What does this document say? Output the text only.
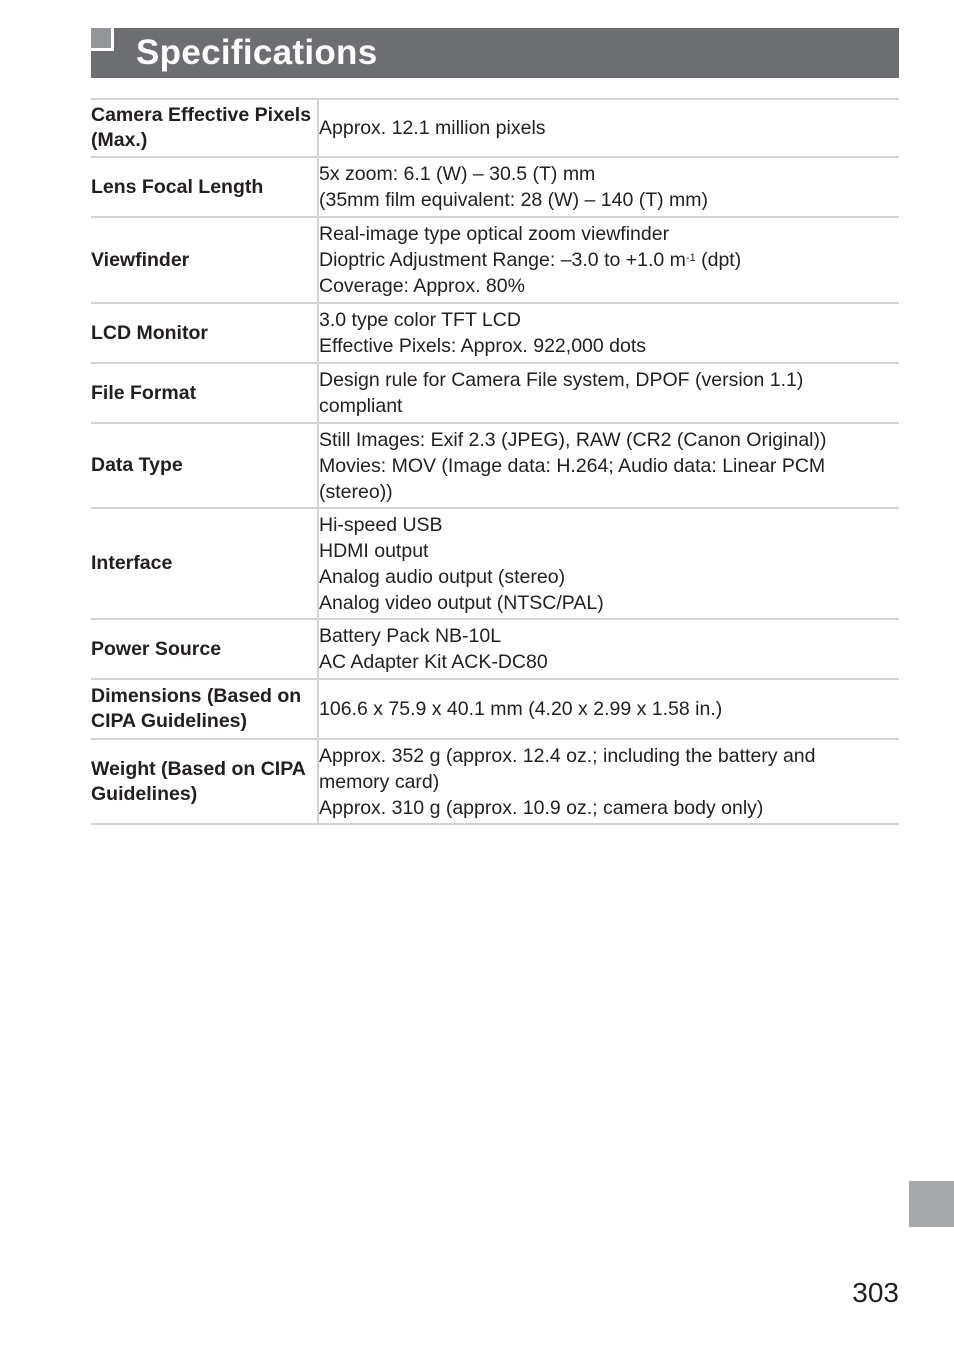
Specifications
Camera Effective Pixels (Max.)	Approx. 12.1 million pixels

Lens Focal Length	5x zoom: 6.1 (W) – 30.5 (T) mm
(35mm film equivalent: 28 (W) – 140 (T) mm)

Viewfinder	Real-image type optical zoom viewfinder
Dioptric Adjustment Range: –3.0 to +1.0 $m^{-1}$ (dpt)
Coverage: Approx. 80%

LCD Monitor	3.0 type color TFT LCD
Effective Pixels: Approx. 922,000 dots

File Format	Design rule for Camera File system, DPOF (version 1.1)
compliant

Data Type	Still Images: Exif 2.3 (JPEG), RAW (CR2 (Canon Original))
Movies: MOV (Image data: H.264; Audio data: Linear PCM
(stereo))

Interface	Hi-speed USB
HDMI output
Analog audio output (stereo)
Analog video output (NTSC/PAL)

Power Source	Battery Pack NB-10L
AC Adapter Kit ACK-DC80

Dimensions (Based on CIPA Guidelines)	106.6 x 75.9 x 40.1 mm (4.20 x 2.99 x 1.58 in.)

Weight (Based on CIPA Guidelines)	Approx. 352 g (approx. 12.4 oz.; including the battery and
memory card)
Approx. 310 g (approx. 10.9 oz.; camera body only)
303
